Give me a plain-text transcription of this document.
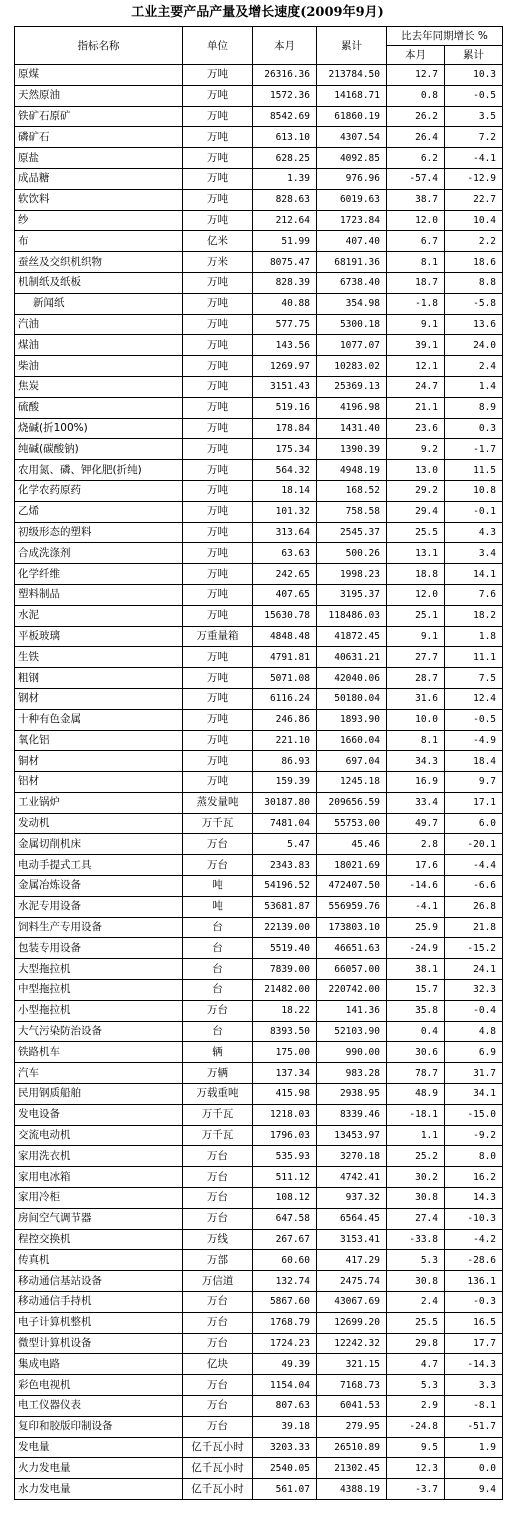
工业主要产品产量及增长速度(2009年9月)
指标名称	单位	本月	累计	比去年同期增长 %	
				本月	累计
原煤	万吨	26316.36	213784.50	12.7	10.3
天然原油	万吨	1572.36	14168.71	0.8	-0.5
铁矿石原矿	万吨	8542.69	61860.19	26.2	3.5
磷矿石	万吨	613.10	4307.54	26.4	7.2
原盐	万吨	628.25	4092.85	6.2	-4.1
成品糖	万吨	1.39	976.96	-57.4	-12.9
软饮料	万吨	828.63	6019.63	38.7	22.7
纱	万吨	212.64	1723.84	12.0	10.4
布	亿米	51.99	407.40	6.7	2.2
蚕丝及交织机织物	万米	8075.47	68191.36	8.1	18.6
机制纸及纸板	万吨	828.39	6738.40	18.7	8.8
新闻纸	万吨	40.88	354.98	-1.8	-5.8
汽油	万吨	577.75	5300.18	9.1	13.6
煤油	万吨	143.56	1077.07	39.1	24.0
柴油	万吨	1269.97	10283.02	12.1	2.4
焦炭	万吨	3151.43	25369.13	24.7	1.4
硫酸	万吨	519.16	4196.98	21.1	8.9
烧碱(折100%)	万吨	178.84	1431.40	23.6	0.3
纯碱(碳酸钠)	万吨	175.34	1390.39	9.2	-1.7
农用氮、磷、钾化肥(折纯)	万吨	564.32	4948.19	13.0	11.5
化学农药原药	万吨	18.14	168.52	29.2	10.8
乙烯	万吨	101.32	758.58	29.4	-0.1
初级形态的塑料	万吨	313.64	2545.37	25.5	4.3
合成洗涤剂	万吨	63.63	500.26	13.1	3.4
化学纤维	万吨	242.65	1998.23	18.8	14.1
塑料制品	万吨	407.65	3195.37	12.0	7.6
水泥	万吨	15630.78	118486.03	25.1	18.2
平板玻璃	万重量箱	4848.48	41872.45	9.1	1.8
生铁	万吨	4791.81	40631.21	27.7	11.1
粗钢	万吨	5071.08	42040.06	28.7	7.5
钢材	万吨	6116.24	50180.04	31.6	12.4
十种有色金属	万吨	246.86	1893.90	10.0	-0.5
氧化铝	万吨	221.10	1660.04	8.1	-4.9
铜材	万吨	86.93	697.04	34.3	18.4
铝材	万吨	159.39	1245.18	16.9	9.7
工业锅炉	蒸发量吨	30187.80	209656.59	33.4	17.1
发动机	万千瓦	7481.04	55753.00	49.7	6.0
金属切削机床	万台	5.47	45.46	2.8	-20.1
电动手提式工具	万台	2343.83	18021.69	17.6	-4.4
金属冶炼设备	吨	54196.52	472407.50	-14.6	-6.6
水泥专用设备	吨	53681.87	556959.76	-4.1	26.8
饲料生产专用设备	台	22139.00	173803.10	25.9	21.8
包装专用设备	台	5519.40	46651.63	-24.9	-15.2
大型拖拉机	台	7839.00	66057.00	38.1	24.1
中型拖拉机	台	21482.00	220742.00	15.7	32.3
小型拖拉机	万台	18.22	141.36	35.8	-0.4
大气污染防治设备	台	8393.50	52103.90	0.4	4.8
铁路机车	辆	175.00	990.00	30.6	6.9
汽车	万辆	137.34	983.28	78.7	31.7
民用钢质船舶	万载重吨	415.98	2938.95	48.9	34.1
发电设备	万千瓦	1218.03	8339.46	-18.1	-15.0
交流电动机	万千瓦	1796.03	13453.97	1.1	-9.2
家用洗衣机	万台	535.93	3270.18	25.2	8.0
家用电冰箱	万台	511.12	4742.41	30.2	16.2
家用冷柜	万台	108.12	937.32	30.8	14.3
房间空气调节器	万台	647.58	6564.45	27.4	-10.3
程控交换机	万线	267.67	3153.41	-33.8	-4.2
传真机	万部	60.60	417.29	5.3	-28.6
移动通信基站设备	万信道	132.74	2475.74	30.8	136.1
移动通信手持机	万台	5867.60	43067.69	2.4	-0.3
电子计算机整机	万台	1768.79	12699.20	25.5	16.5
微型计算机设备	万台	1724.23	12242.32	29.8	17.7
集成电路	亿块	49.39	321.15	4.7	-14.3
彩色电视机	万台	1154.04	7168.73	5.3	3.3
电工仪器仪表	万台	807.63	6041.53	2.9	-8.1
复印和胶版印制设备	万台	39.18	279.95	-24.8	-51.7
发电量	亿千瓦小时	3203.33	26510.89	9.5	1.9
火力发电量	亿千瓦小时	2540.05	21302.45	12.3	0.0
水力发电量	亿千瓦小时	561.07	4388.19	-3.7	9.4
